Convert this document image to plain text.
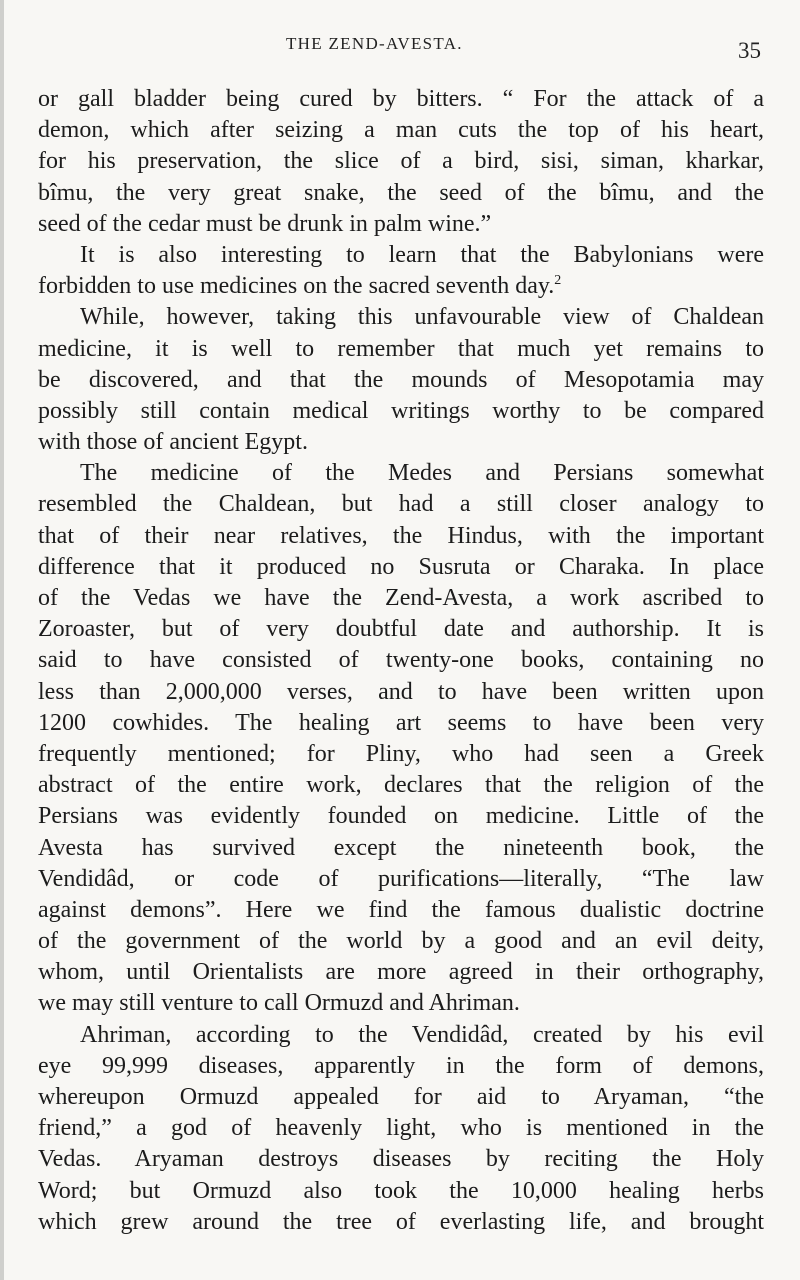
THE ZEND-AVESTA.	35
or gall bladder being cured by bitters. “ For the attack of a
demon, which after seizing a man cuts the top of his heart,
for his preservation, the slice of a bird, sisi, siman, kharkar,
bîmu, the very great snake, the seed of the bîmu, and the
seed of the cedar must be drunk in palm wine.”
It is also interesting to learn that the Babylonians were
forbidden to use medicines on the sacred seventh day.$^2$
While, however, taking this unfavourable view of Chaldean
medicine, it is well to remember that much yet remains to
be discovered, and that the mounds of Mesopotamia may
possibly still contain medical writings worthy to be compared
with those of ancient Egypt.
The medicine of the Medes and Persians somewhat
resembled the Chaldean, but had a still closer analogy to
that of their near relatives, the Hindus, with the important
difference that it produced no Susruta or Charaka. In place
of the Vedas we have the Zend-Avesta, a work ascribed to
Zoroaster, but of very doubtful date and authorship. It is
said to have consisted of twenty-one books, containing no
less than 2,000,000 verses, and to have been written upon
1200 cowhides. The healing art seems to have been very
frequently mentioned; for Pliny, who had seen a Greek
abstract of the entire work, declares that the religion of the
Persians was evidently founded on medicine. Little of the
Avesta has survived except the nineteenth book, the
Vendidâd, or code of purifications—literally, “The law
against demons”. Here we find the famous dualistic doctrine
of the government of the world by a good and an evil deity,
whom, until Orientalists are more agreed in their orthography,
we may still venture to call Ormuzd and Ahriman.
Ahriman, according to the Vendidâd, created by his evil
eye 99,999 diseases, apparently in the form of demons,
whereupon Ormuzd appealed for aid to Aryaman, “the
friend,” a god of heavenly light, who is mentioned in the
Vedas. Aryaman destroys diseases by reciting the Holy
Word; but Ormuzd also took the 10,000 healing herbs
which grew around the tree of everlasting life, and brought
